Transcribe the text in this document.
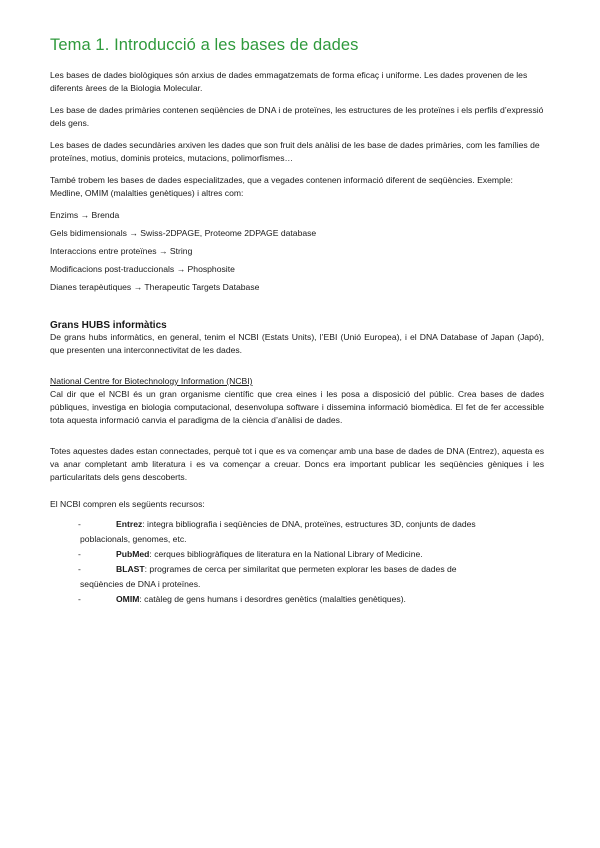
Tema 1. Introducció a les bases de dades

Les bases de dades biològiques són arxius de dades emmagatzemats de forma eficaç i uniforme. Les dades provenen de les diferents àrees de la Biologia Molecular.

Les base de dades primàries contenen seqüències de DNA i de proteïnes, les estructures de les proteïnes i els perfils d’expressió dels gens.

Les bases de dades secundàries arxiven les dades que son fruit dels anàlisi de les base de dades primàries, com les famílies de proteïnes, motius, dominis proteics, mutacions, polimorfismes…

També trobem les bases de dades especialitzades, que a vegades contenen informació diferent de seqüències. Exemple: Medline, OMIM (malalties genètiques) i altres com:

Enzims → Brenda
Gels bidimensionals → Swiss-2DPAGE, Proteome 2DPAGE database
Interaccions entre proteïnes → String
Modificacions post-traduccionals → Phosphosite
Dianes terapèutiques → Therapeutic Targets Database
Grans HUBS informàtics

De grans hubs informàtics, en general, tenim el NCBI (Estats Units), l’EBI (Unió Europea), i el DNA Database of Japan (Japó), que presenten una interconnectivitat de les dades.

National Centre for Biotechnology Information (NCBI)

Cal dir que el NCBI és un gran organisme científic que crea eines i les posa a disposició del públic. Crea bases de dades públiques, investiga en biologia computacional, desenvolupa software i dissemina informació biomèdica. El fet de fer accessible tota aquesta informació canvia el paradigma de la ciència d’anàlisi de dades.

Totes aquestes dades estan connectades, perquè tot i que es va començar amb una base de dades de DNA (Entrez), aquesta es va anar completant amb literatura i es va començar a creuar. Doncs era important publicar les seqüències gèniques i les particularitats dels gens descoberts.

El NCBI compren els següents recursos:

-	Entrez: integra bibliografia i seqüències de DNA, proteïnes, estructures 3D, conjunts de dades
poblacionals, genomes, etc.
-	PubMed: cerques bibliogràfiques de literatura en la National Library of Medicine.
-	BLAST: programes de cerca per similaritat que permeten explorar les bases de dades de
seqüències de DNA i proteïnes.
-	OMIM: catàleg de gens humans i desordres genètics (malalties genètiques).
